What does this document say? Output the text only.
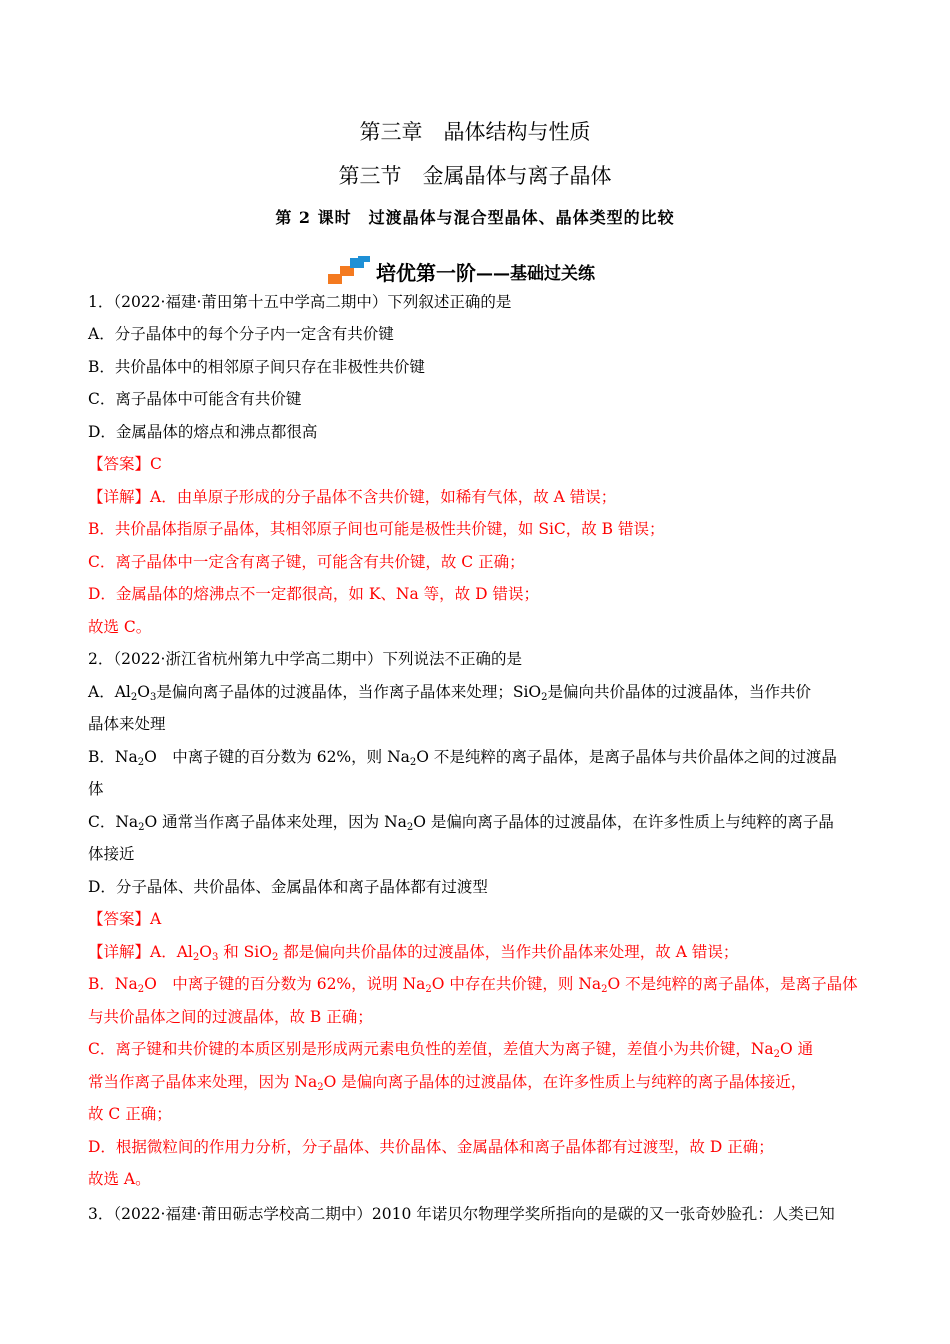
第三章　晶体结构与性质
第三节　金属晶体与离子晶体
第 2 课时　过渡晶体与混合型晶体、晶体类型的比较
培优第一阶 ——基础过关练
1．（2022·福建·莆田第十五中学高二期中）下列叙述正确的是
A．分子晶体中的每个分子内一定含有共价键
B．共价晶体中的相邻原子间只存在非极性共价键
C．离子晶体中可能含有共价键
D．金属晶体的熔点和沸点都很高
【答案】C
【详解】A．由单原子形成的分子晶体不含共价键，如稀有气体，故 A 错误；
B．共价晶体指原子晶体，其相邻原子间也可能是极性共价键，如 SiC，故 B 错误；
C．离子晶体中一定含有离子键，可能含有共价键，故 C 正确；
D．金属晶体的熔沸点不一定都很高，如 K、Na 等，故 D 错误；
故选 C。
2．（2022·浙江省杭州第九中学高二期中）下列说法不正确的是
A．$Al_2O_3$是偏向离子晶体的过渡晶体，当作离子晶体来处理；SiO$_2$是偏向共价晶体的过渡晶体，当作共价
晶体来处理
B．$Na_2O$　中离子键的百分数为 62%，则 $Na_2O$ 不是纯粹的离子晶体，是离子晶体与共价晶体之间的过渡晶
体
C．$Na_2O$ 通常当作离子晶体来处理，因为 $Na_2O$ 是偏向离子晶体的过渡晶体，在许多性质上与纯粹的离子晶
体接近
D．分子晶体、共价晶体、金属晶体和离子晶体都有过渡型
【答案】A
【详解】A．$Al_2O_3$ 和 SiO$_2$ 都是偏向共价晶体的过渡晶体，当作共价晶体来处理，故 A 错误；
B．$Na_2O$　中离子键的百分数为 62%，说明 $Na_2O$ 中存在共价键，则 $Na_2O$ 不是纯粹的离子晶体，是离子晶体
与共价晶体之间的过渡晶体，故 B 正确；
C．离子键和共价键的本质区别是形成两元素电负性的差值，差值大为离子键，差值小为共价键，$Na_2O$ 通
常当作离子晶体来处理，因为 $Na_2O$ 是偏向离子晶体的过渡晶体，在许多性质上与纯粹的离子晶体接近，
故 C 正确；
D．根据微粒间的作用力分析，分子晶体、共价晶体、金属晶体和离子晶体都有过渡型，故 D 正确；
故选 A。
3．（2022·福建·莆田砺志学校高二期中）2010 年诺贝尔物理学奖所指向的是碳的又一张奇妙脸孔：人类已知
